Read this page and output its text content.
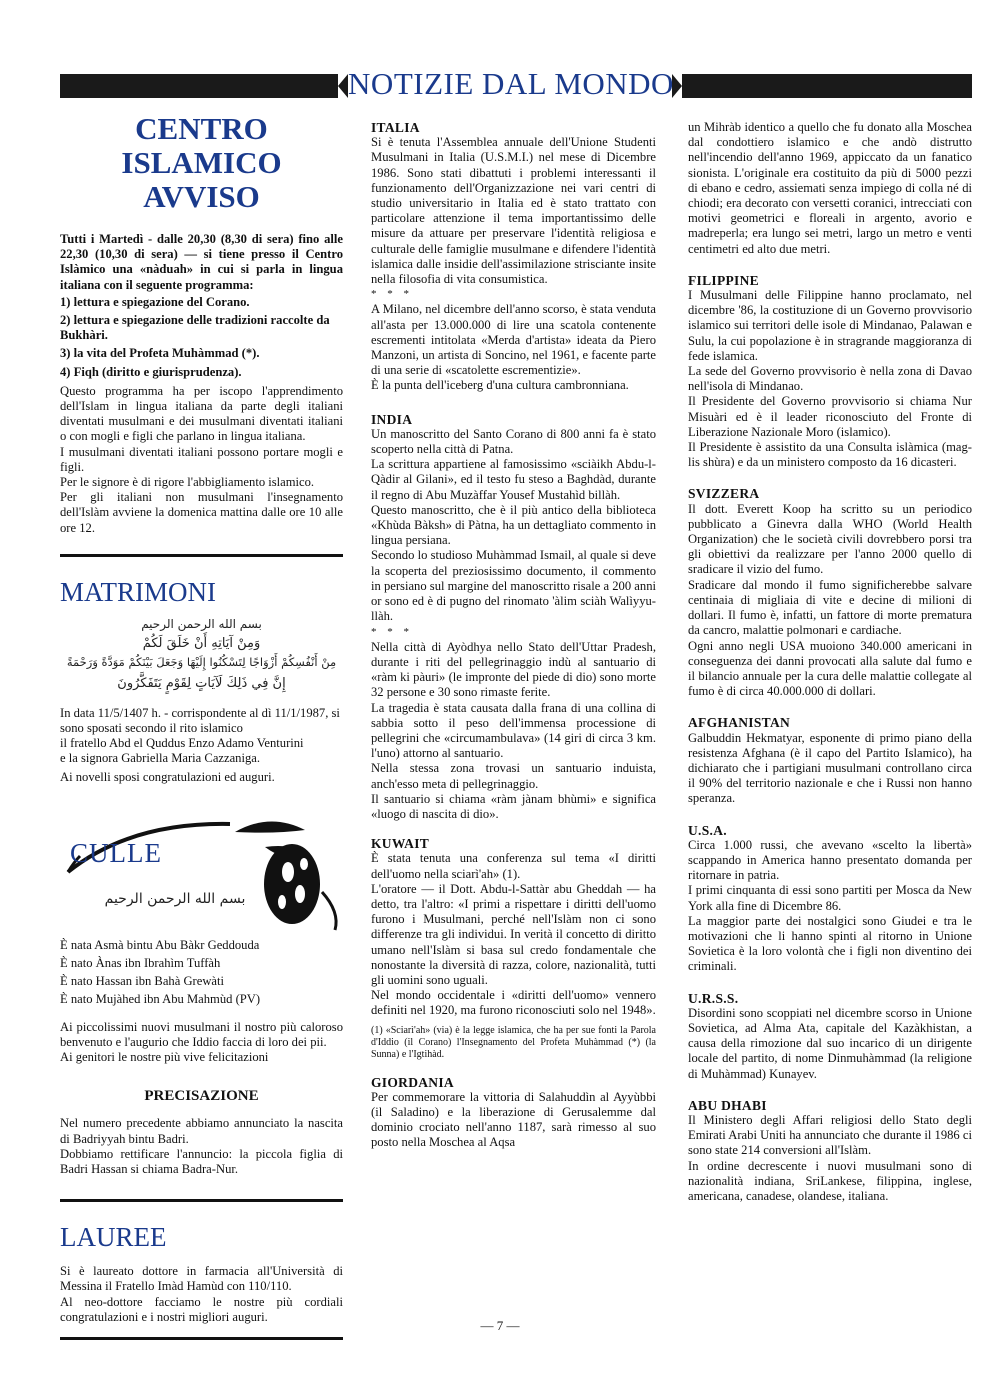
NOTIZIE DAL MONDO

CENTRO ISLAMICO

AVVISO

Tutti i Martedì - dalle 20,30 (8,30 di sera) fino alle 22,30 (10,30 di sera) — si tiene presso il Centro Islàmico una «nàduah» in cui si parla in lingua italiana con il seguente programma:

1) lettura e spiegazione del Corano.

2) lettura e spiegazione delle tradizioni raccolte da Bukhàri.

3) la vita del Profeta Muhàmmad (*).

4) Fiqh (diritto e giurisprudenza).

Questo programma ha per iscopo l'apprendimento dell'Islam in lingua italiana da parte degli italiani diventati musulmani e dei musulmani diventati italiani o con mogli e figli che parlano in lingua italiana.

I musulmani diventati italiani possono portare mogli e figli.

Per le signore è di rigore l'abbigliamento islamico.

Per gli italiani non musulmani l'insegnamento dell'Islàm avviene la domenica mattina dalle ore 10 alle ore 12.

MATRIMONI

بسم الله الرحمن الرحيم

وَمِنْ آيَاتِهِ أَنْ خَلَقَ لَكُمْ

مِنْ أَنْفُسِكُمْ أَزْوَاجًا لِتَسْكُنُوا إِلَيْهَا وَجَعَلَ بَيْنَكُمْ مَوَدَّةً وَرَحْمَةً

إِنَّ فِي ذَلِكَ لَآيَاتٍ لِقَوْمٍ يَتَفَكَّرُونَ

In data 11/5/1407 h. - corrispondente al dì 11/1/1987, si sono sposati secondo il rito islamico

il fratello Abd el Quddus Enzo Adamo Venturini

e la signora Gabriella Maria Cazzaniga.

Ai novelli sposi congratulazioni ed auguri.

CULLE
بسم الله الرحمن الرحيم

È nata Asmà bintu Abu Bàkr Geddouda

È nato Ànas ibn Ibrahìm Tuffàh

È nato Hassan ibn Bahà Grewàti

È nato Mujàhed ibn Abu Mahmùd (PV)

Ai piccolissimi nuovi musulmani il nostro più caloroso benvenuto e l'augurio che Iddio faccia di loro dei pii.

Ai genitori le nostre più vive felicitazioni

PRECISAZIONE

Nel numero precedente abbiamo annunciato la nascita di Badriyyah bintu Badri.

Dobbiamo rettificare l'annuncio: la piccola figlia di Badri Hassan si chiama Badra-Nur.

LAUREE

Si è laureato dottore in farmacia all'Università di Messina il Fratello Imàd Hamùd con 110/110.

Al neo-dottore facciamo le nostre più cordiali congratulazioni e i nostri migliori auguri.

ITALIA

Si è tenuta l'Assemblea annuale dell'Unione Studenti Musulmani in Italia (U.S.M.I.) nel mese di Dicembre 1986. Sono stati dibattuti i problemi interessanti il funzionamento dell'Organizzazione nei vari centri di studio universitario in Italia ed è stato trattato con particolare attenzione il tema importantissimo delle misure da attuare per preservare l'identità religiosa e culturale delle famiglie musulmane e difendere l'identità islamica dalle insidie dell'assimilazione strisciante insite nella filosofia di vita consumistica.

* * *

A Milano, nel dicembre dell'anno scorso, è stata venduta all'asta per 13.000.000 di lire una scatola contenente escrementi intitolata «Merda d'artista» ideata da Piero Manzoni, un artista di Soncino, nel 1961, e facente parte di una serie di «scatolette escrementizie».

È la punta dell'iceberg d'una cultura cambronniana.

INDIA

Un manoscritto del Santo Corano di 800 anni fa è stato scoperto nella città di Patna.

La scrittura appartiene al famosissimo «sciàikh Abdu-l-Qàdir al Gilani», ed il testo fu steso a Baghdàd, durante il regno di Abu Muzàffar Yousef Mustahìd billàh.

Questo manoscritto, che è il più antico della biblioteca «Khùda Bàksh» di Pàtna, ha un dettagliato commento in lingua persiana.

Secondo lo studioso Muhàmmad Ismail, al quale si deve la scoperta del preziosissimo documento, il commento in persiano sul margine del manoscritto risale a 200 anni or sono ed è di pugno del rinomato 'àlim sciàh Walìyyu-llàh.

* * *

Nella città di Ayòdhya nello Stato dell'Uttar Pradesh, durante i riti del pellegrinaggio indù al santuario di «ràm ki pàuri» (le impronte del piede di dio) sono morte 32 persone e 30 sono rimaste ferite.

La tragedia è stata causata dalla frana di una collina di sabbia sotto il peso dell'immensa processione di pellegrini che «circumambulava» (14 giri di circa 3 km. l'uno) attorno al santuario.

Nella stessa zona trovasi un santuario induista, anch'esso meta di pellegrinaggio.

Il santuario si chiama «ràm jànam bhùmi» e significa «luogo di nascita di dio».

KUWAIT

È stata tenuta una conferenza sul tema «I diritti dell'uomo nella sciarì'ah» (1).

L'oratore — il Dott. Abdu-l-Sattàr abu Gheddah — ha detto, tra l'altro: «I primi a rispettare i diritti dell'uomo furono i Musulmani, perché nell'Islàm non ci sono differenze tra gli individui. In verità il concetto di diritto umano nell'Islàm si basa sul credo fondamentale che nonostante la diversità di razza, colore, nazionalità, tutti gli uomini sono uguali.

Nel mondo occidentale i «diritti dell'uomo» vennero definiti nel 1920, ma furono riconosciuti solo nel 1948».

(1) «Sciarì'ah» (via) è la legge islamica, che ha per sue fonti la Parola d'Iddio (il Corano) l'Insegnamento del Profeta Muhàmmad (*) (la Sunna) e l'Igtihàd.

GIORDANIA

Per commemorare la vittoria di Salahuddìn al Ayyùbbi (il Saladino) e la liberazione di Gerusalemme dal dominio crociato nell'anno 1187, sarà rimesso al suo posto nella Moschea al Aqsa

un Mihràb identico a quello che fu donato alla Moschea dal condottiero islamico e che andò distrutto nell'incendio dell'anno 1969, appiccato da un fanatico sionista. L'originale era costituito da più di 5000 pezzi di ebano e cedro, assiemati senza impiego di colla né di chiodi; era decorato con versetti coranici, intrecciati con motivi geometrici e floreali in argento, avorio e madreperla; era lungo sei metri, largo un metro e venti centimetri ed alto due metri.

FILIPPINE

I Musulmani delle Filippine hanno proclamato, nel dicembre '86, la costituzione di un Governo provvisorio islamico sui territori delle isole di Mindanao, Palawan e Sulu, la cui popolazione è in stragrande maggioranza di fede islamica.

La sede del Governo provvisorio è nella zona di Davao nell'isola di Mindanao.

Il Presidente del Governo provvisorio si chiama Nur Misuàri ed è il leader riconosciuto del Fronte di Liberazione Nazionale Moro (islamico).

Il Presidente è assistito da una Consulta islàmica (mag-lis shùra) e da un ministero composto da 16 dicasteri.

SVIZZERA

Il dott. Everett Koop ha scritto su un periodico pubblicato a Ginevra dalla WHO (World Health Organization) che le società civili dovrebbero porsi tra gli obiettivi da realizzare per l'anno 2000 quello di sradicare il vizio del fumo.

Sradicare dal mondo il fumo significherebbe salvare centinaia di migliaia di vite e decine di milioni di dollari. Il fumo è, infatti, un fattore di morte prematura da cancro, malattie polmonari e cardiache.

Ogni anno negli USA muoiono 340.000 americani in conseguenza dei danni provocati alla salute dal fumo e il bilancio annuale per la cura delle malattie collegate al fumo è di circa 40.000.000 di dollari.

AFGHANISTAN

Galbuddin Hekmatyar, esponente di primo piano della resistenza Afghana (è il capo del Partito Islamico), ha dichiarato che i partigiani musulmani controllano circa il 90% del territorio nazionale e che i Russi non hanno speranza.

U.S.A.

Circa 1.000 russi, che avevano «scelto la libertà» scappando in America hanno presentato domanda per ritornare in patria.

I primi cinquanta di essi sono partiti per Mosca da New York alla fine di Dicembre 86.

La maggior parte dei nostalgici sono Giudei e tra le motivazioni che li hanno spinti al ritorno in Unione Sovietica è la loro volontà che i figli non diventino dei criminali.

U.R.S.S.

Disordini sono scoppiati nel dicembre scorso in Unione Sovietica, ad Alma Ata, capitale del Kazàkhistan, a causa della rimozione dal suo incarico di un dirigente locale del partito, di nome Dinmuhàmmad (la religione di Muhàmmad) Kunayev.

ABU DHABI

Il Ministero degli Affari religiosi dello Stato degli Emirati Arabi Uniti ha annunciato che durante il 1986 ci sono state 214 conversioni all'Islàm.

In ordine decrescente i nuovi musulmani sono di nazionalità indiana, SriLankese, filippina, inglese, americana, canadese, olandese, italiana.

— 7 —
